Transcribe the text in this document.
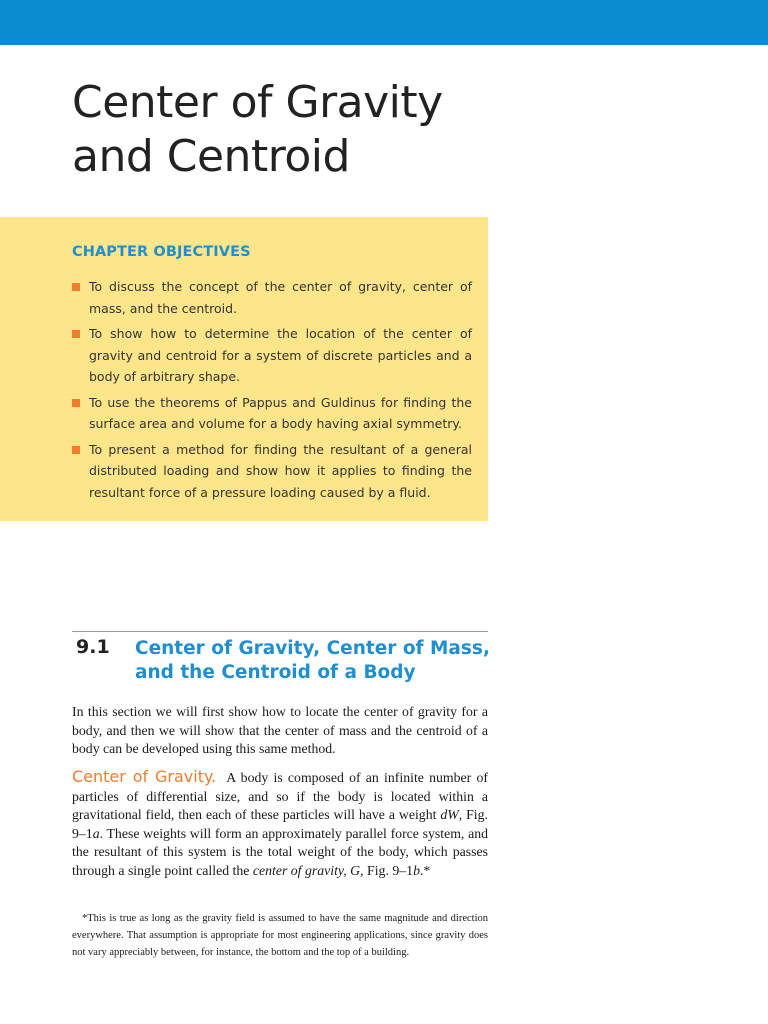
Center of Gravity
and Centroid
CHAPTER OBJECTIVES
To discuss the concept of the center of gravity, center of mass, and the centroid.
To show how to determine the location of the center of gravity and centroid for a system of discrete particles and a body of arbitrary shape.
To use the theorems of Pappus and Guldinus for finding the surface area and volume for a body having axial symmetry.
To present a method for finding the resultant of a general distributed loading and show how it applies to finding the resultant force of a pressure loading caused by a fluid.
9.1 Center of Gravity, Center of Mass,
and the Centroid of a Body

In this section we will first show how to locate the center of gravity for a body, and then we will show that the center of mass and the centroid of a body can be developed using this same method.

Center of Gravity. A body is composed of an infinite number of particles of differential size, and so if the body is located within a gravitational field, then each of these particles will have a weight dW, Fig. 9–1a. These weights will form an approximately parallel force system, and the resultant of this system is the total weight of the body, which passes through a single point called the center of gravity, G, Fig. 9–1b.*

*This is true as long as the gravity field is assumed to have the same magnitude and direction everywhere. That assumption is appropriate for most engineering applications, since gravity does not vary appreciably between, for instance, the bottom and the top of a building.
